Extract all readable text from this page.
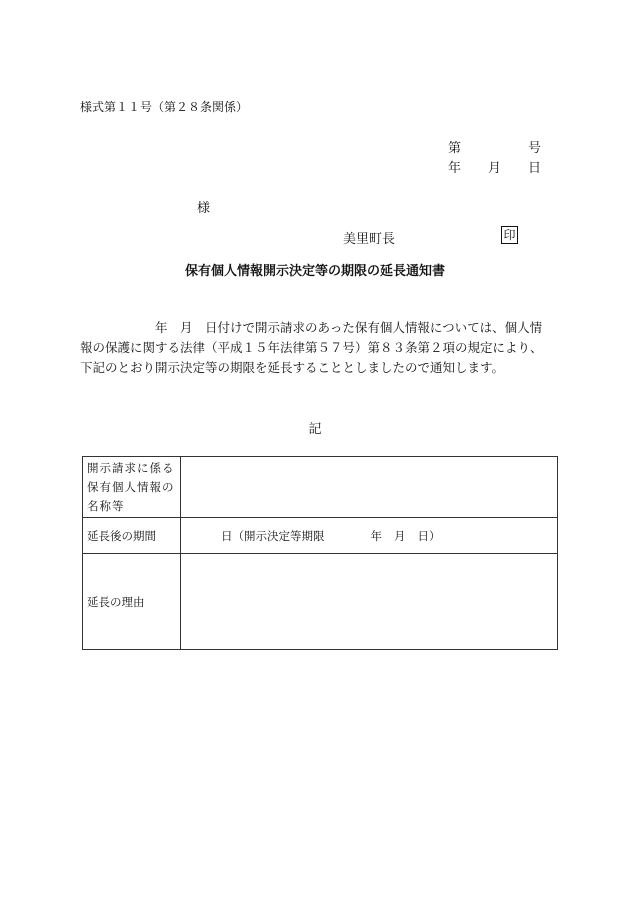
様式第１１号（第２８条関係）
第	号
年 月 日
様
美里町長	印
保有個人情報開示決定等の期限の延長通知書
　　　　　　年　月　日付けで開示請求のあった保有個人情報については、個人情
報の保護に関する法律（平成１５年法律第５７号）第８３条第２項の規定により、
下記のとおり開示決定等の期限を延長することとしましたので通知します。
記
開示請求に係る
保有個人情報の
名称等	

延長後の期間	日（開示決定等期限 年 月 日）
延長の理由	
